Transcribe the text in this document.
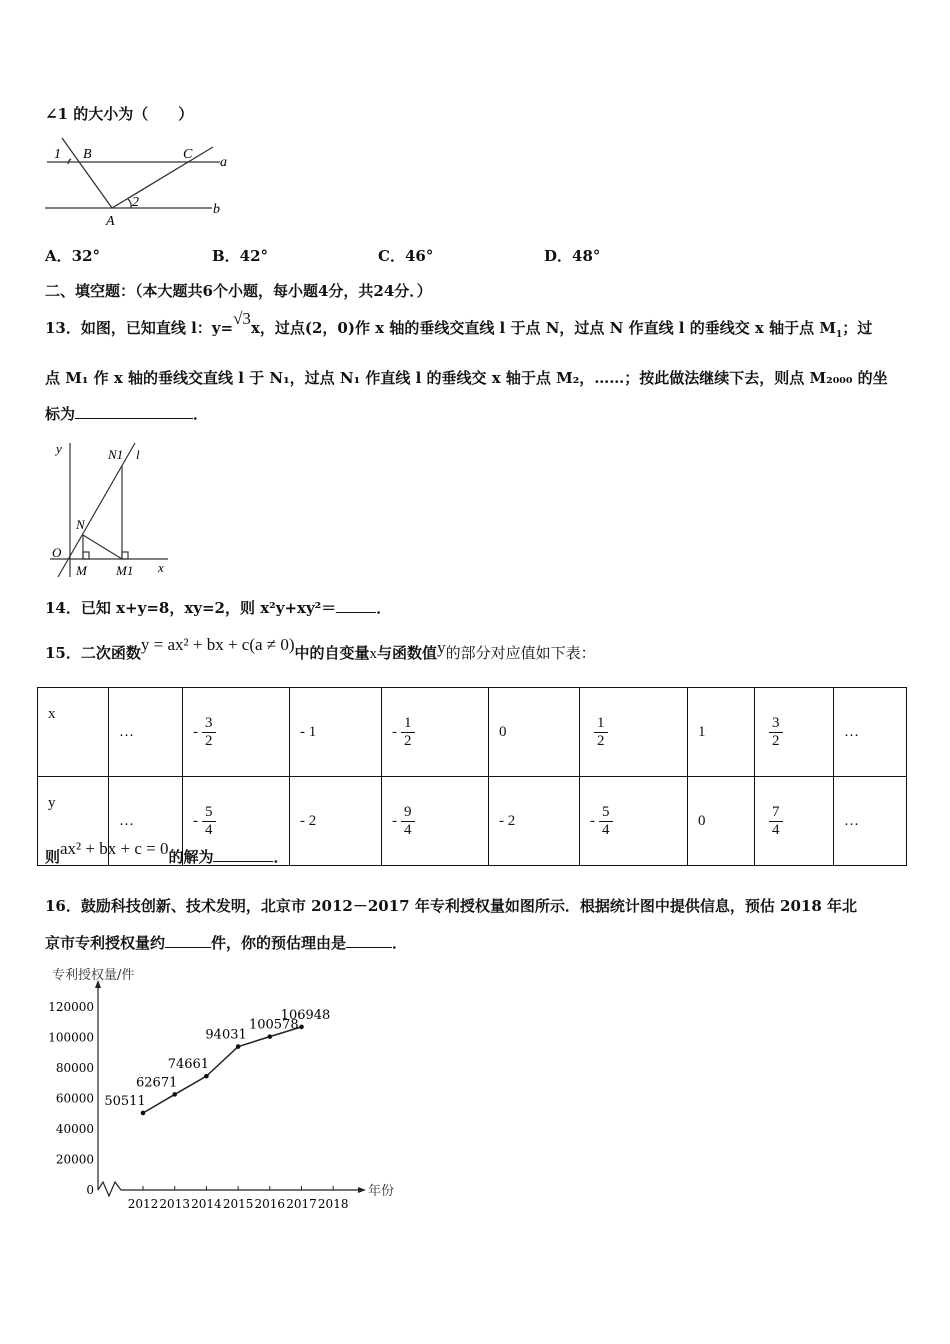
∠1 的大小为（　　）
1 B	C
a
2
A
b
A．32°	B．42°	C．46°	D．48°
二、填空题：（本大题共6个小题，每小题4分，共24分．）
13．如图，已知直线 l：y=√3x，过点(2，0)作 x 轴的垂线交直线 l 于点 N，过点 N 作直线 l 的垂线交 x 轴于点 $M_1$；过
点 M₁ 作 x 轴的垂线交直线 l 于 N₁，过点 N₁ 作直线 l 的垂线交 x 轴于点 M₂，……；按此做法继续下去，则点 M₂₀₀₀ 的坐
标为	．
y	N1 l
N
O
M M1 x
14．已知 x+y=8，xy=2，则 x²y+xy²＝	．
15．二次函数y = ax² + bx + c(a ≠ 0)中的自变量x与函数值y的部分对应值如下表：
x	…	- $\frac{3}{2}$	- 1	- $\frac{1}{2}$	0	$\frac{1}{2}$	1	$\frac{3}{2}$	…
y	…	- $\frac{5}{4}$	- 2	- $\frac{9}{4}$	- 2	- $\frac{5}{4}$	0	$\frac{7}{4}$	…
则ax² + bx + c = 0的解为	．
16．鼓励科技创新、技术发明，北京市 2012－2017 年专利授权量如图所示．根据统计图中提供信息，预估 2018 年北
京市专利授权量约	件，你的预估理由是	．
专利授权量/件
年份
0
20000
40000
60000
80000
100000
120000
2012 2013 2014 2015 2016 2017 2018
50511
62671
74661
94031
100578
106948
